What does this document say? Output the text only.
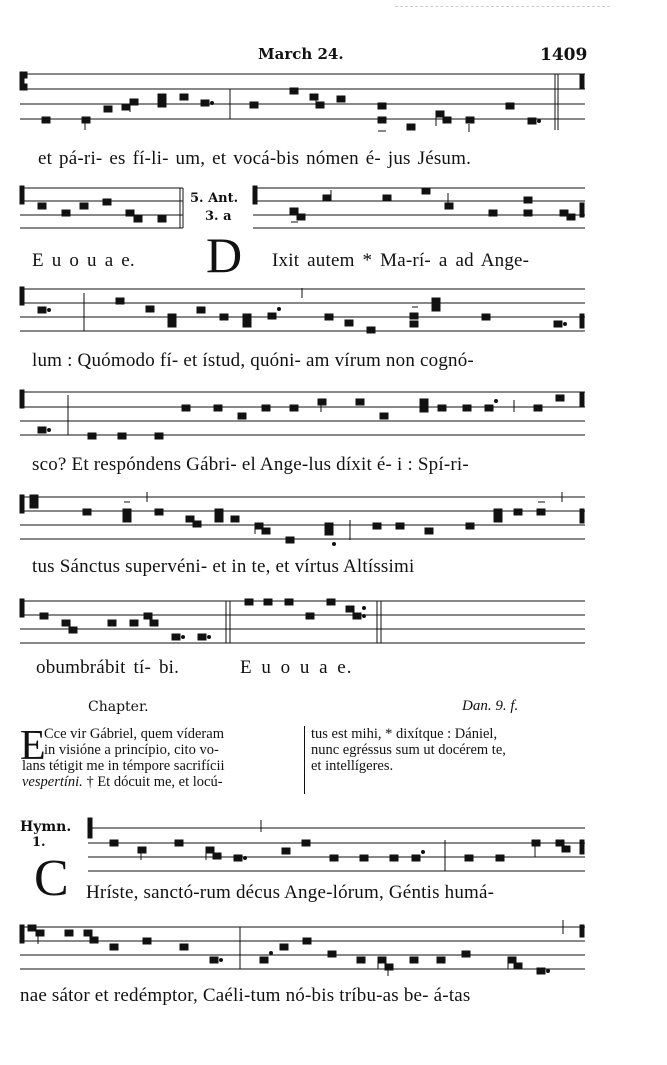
March 24.	1409
et pá-ri- es fí-li- um, et vocá-bis nómen é- jus Jésum.
5. Ant.
3. a
E u o u a e. D Ixit autem * Ma-rí- a ad Ange-
lum : Quómodo fí- et ístud, quóni- am vírum non cognó-
sco? Et respóndens Gábri- el Ange-lus díxit é- i : Spí-ri-
tus Sánctus supervéni- et in te, et vírtus Altíssimi
obumbrábit tí- bi.	E u o u a e.
Chapter.	Dan. 9. f.
E

Cce vir Gábriel, quem víderam

in visióne a princípio, cito vo-

lans tétigit me in témpore sacrifícii

vespertíni. † Et dócuit me, et locú-

tus est mihi, * dixítque : Dániel,

nunc egréssus sum ut docérem te,

et intellígeres.

Hymn.
1.
C Hríste, sanctó-rum décus Ange-lórum, Géntis humá-
nae sátor et redémptor, Caéli-tum nó-bis tríbu-as be- á-tas
